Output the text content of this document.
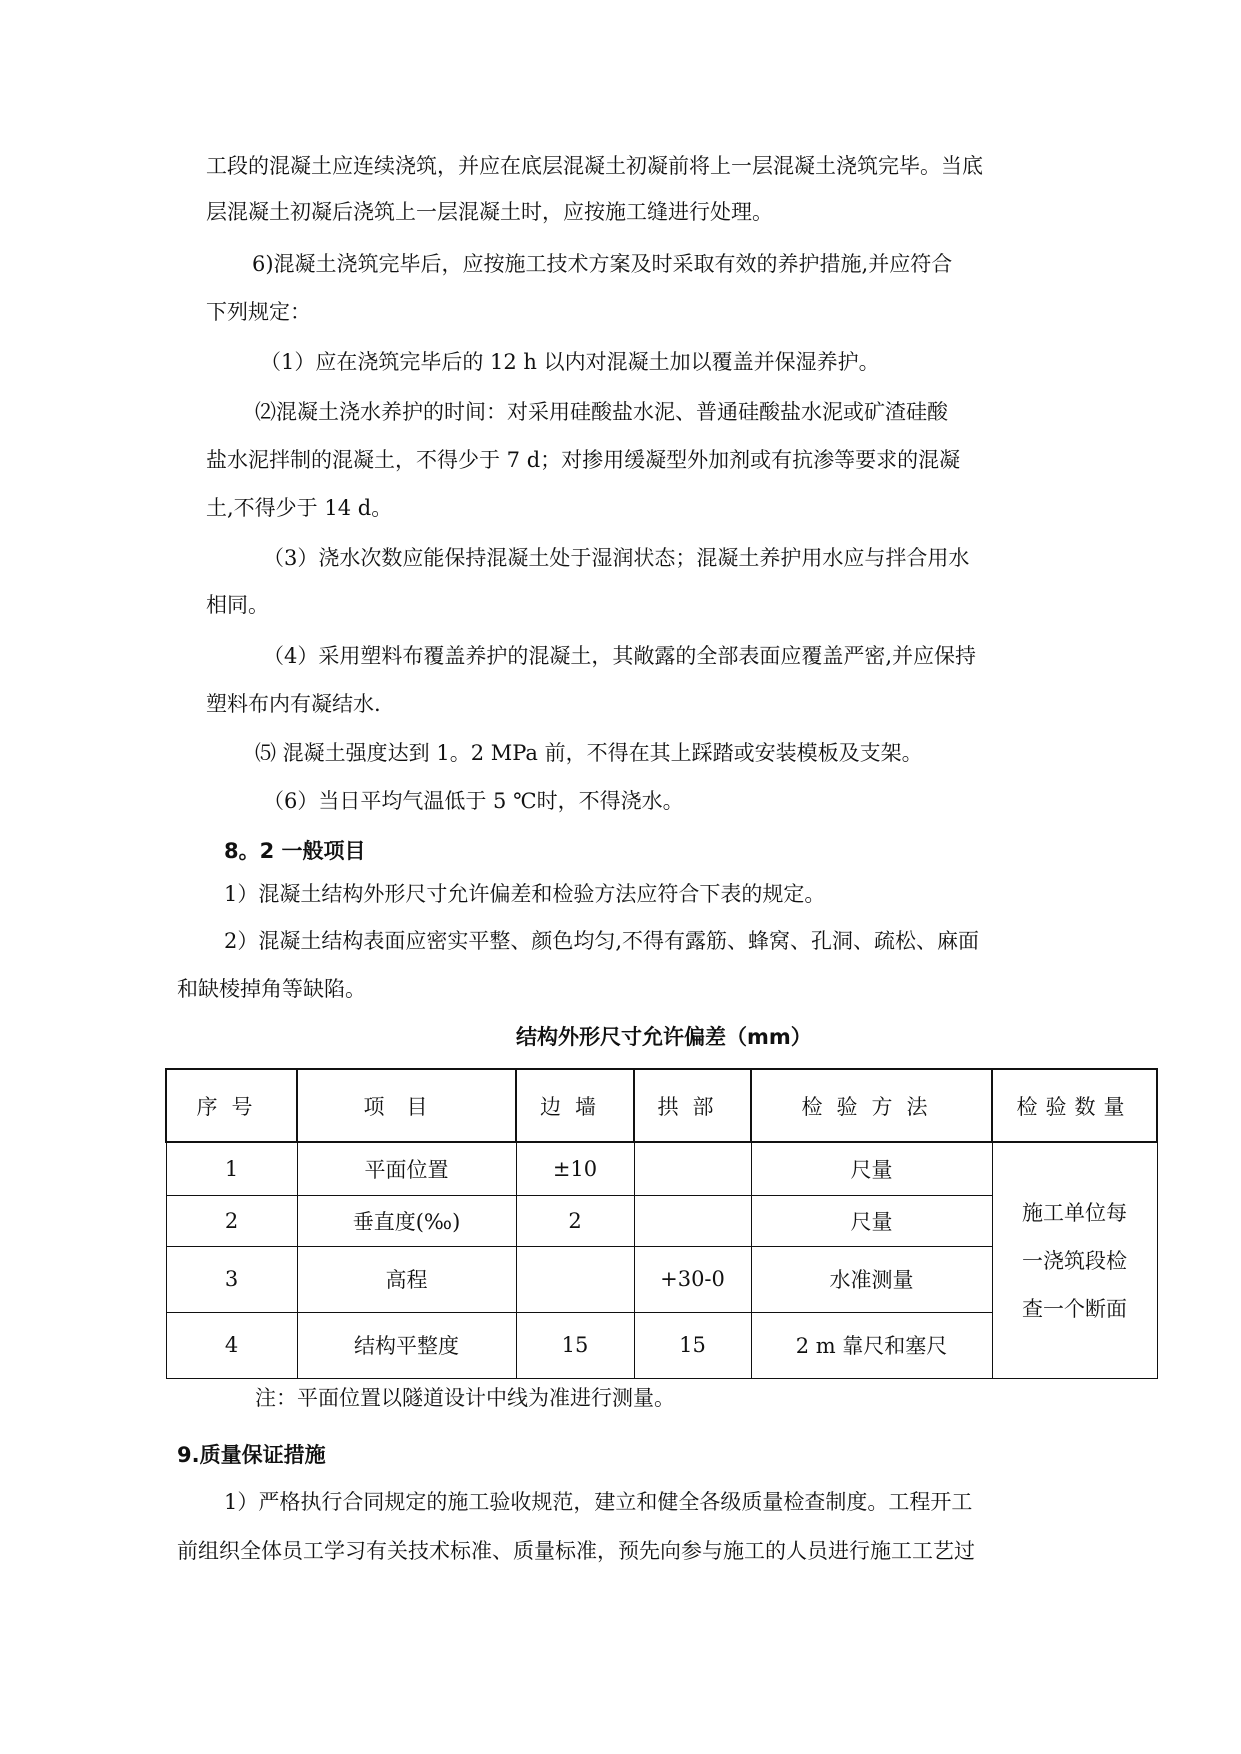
工段的混凝土应连续浇筑，并应在底层混凝土初凝前将上一层混凝土浇筑完毕。当底
层混凝土初凝后浇筑上一层混凝土时，应按施工缝进行处理。
6)混凝土浇筑完毕后，应按施工技术方案及时采取有效的养护措施,并应符合
下列规定：
（1）应在浇筑完毕后的 12 h 以内对混凝土加以覆盖并保湿养护。
⑵混凝土浇水养护的时间：对采用硅酸盐水泥、普通硅酸盐水泥或矿渣硅酸
盐水泥拌制的混凝土，不得少于 7 d；对掺用缓凝型外加剂或有抗渗等要求的混凝
土,不得少于 14 d。
（3）浇水次数应能保持混凝土处于湿润状态；混凝土养护用水应与拌合用水
相同。
（4）采用塑料布覆盖养护的混凝土，其敞露的全部表面应覆盖严密,并应保持
塑料布内有凝结水.
⑸ 混凝土强度达到 1。2 MPa 前，不得在其上踩踏或安装模板及支架。
（6）当日平均气温低于 5 ℃时，不得浇水。
8。2 一般项目
1）混凝土结构外形尺寸允许偏差和检验方法应符合下表的规定。
2）混凝土结构表面应密实平整、颜色均匀,不得有露筋、蜂窝、孔洞、疏松、麻面
和缺棱掉角等缺陷。
结构外形尺寸允许偏差（mm）
序号	项目	边墙	拱部	检验方法	检验数量
1	平面位置	±10		尺量	施工单位每
一浇筑段检
查一个断面

2	垂直度(‰)	2		尺量	
3	高程		+30-0	水准测量	
4	结构平整度	15	15	2 m 靠尺和塞尺	
注：平面位置以隧道设计中线为准进行测量。
9.质量保证措施
1）严格执行合同规定的施工验收规范，建立和健全各级质量检查制度。工程开工
前组织全体员工学习有关技术标准、质量标准，预先向参与施工的人员进行施工工艺过
